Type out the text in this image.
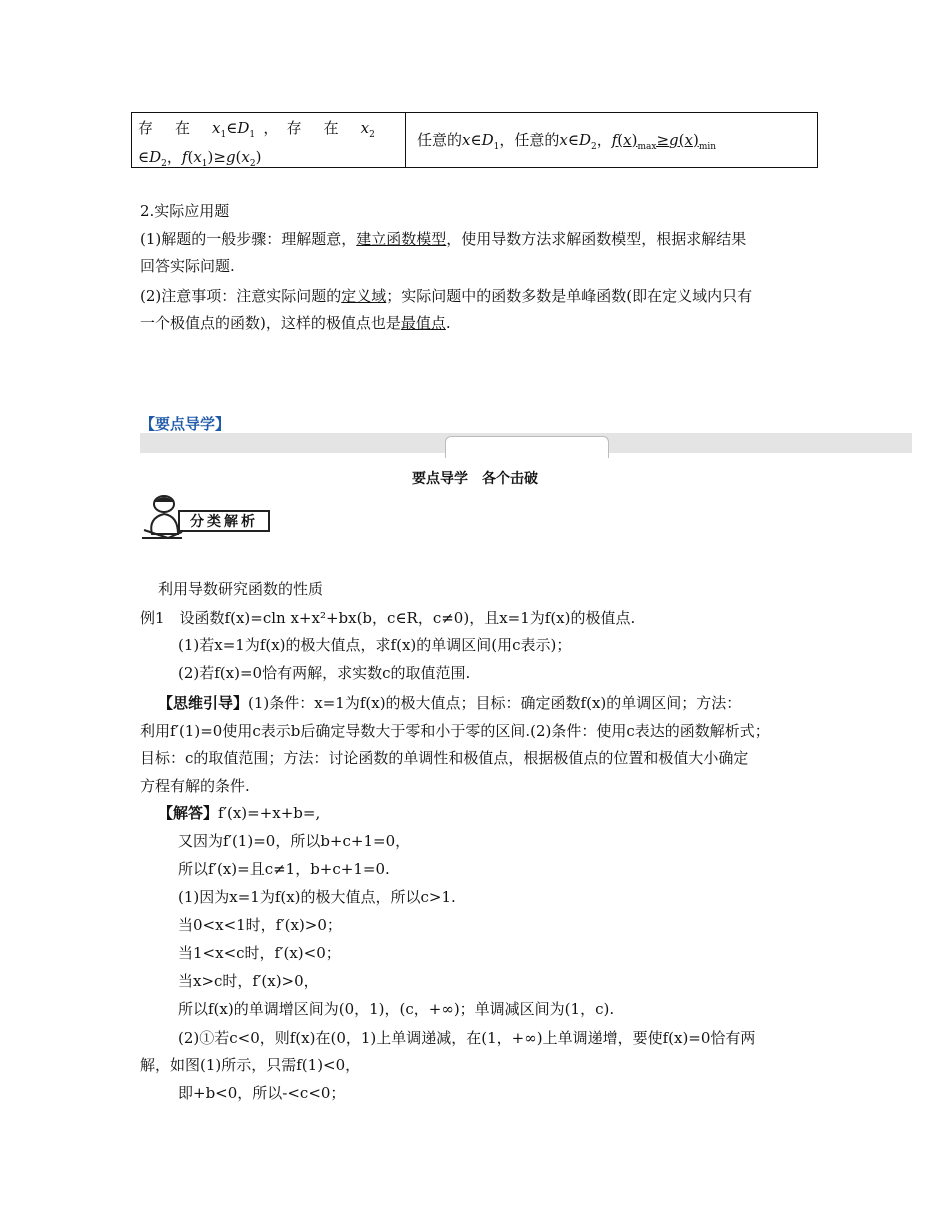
存在$x_1\in D_1$ ， 存在$x_2$
$\in D_2$，$f(x_1)\ge g(x_2)$
任意的$x\in D_1$，任意的$x\in D_2$，$f(x)_{max}\ge g(x)_{min}$
2.实际应用题
(1)解题的一般步骤：理解题意，建立函数模型，使用导数方法求解函数模型，根据求解结果
回答实际问题.
(2)注意事项：注意实际问题的定义域；实际问题中的函数多数是单峰函数(即在定义域内只有
一个极值点的函数)，这样的极值点也是最值点.
【要点导学】
要点导学　各个击破
分类解析
利用导数研究函数的性质
例1　设函数f(x)=cln x+x²+bx(b，c∈R，c≠0)，且x=1为f(x)的极值点.
(1)若x=1为f(x)的极大值点，求f(x)的单调区间(用c表示)；
(2)若f(x)=0恰有两解，求实数c的取值范围.
【思维引导】(1)条件：x=1为f(x)的极大值点；目标：确定函数f(x)的单调区间；方法：
利用f′(1)=0使用c表示b后确定导数大于零和小于零的区间.(2)条件：使用c表达的函数解析式；
目标：c的取值范围；方法：讨论函数的单调性和极值点，根据极值点的位置和极值大小确定
方程有解的条件.
【解答】f′(x)=+x+b=,
又因为f′(1)=0，所以b+c+1=0，
所以f′(x)=且c≠1，b+c+1=0.
(1)因为x=1为f(x)的极大值点，所以c>1.
当0<x<1时，f′(x)>0；
当1<x<c时，f′(x)<0；
当x>c时，f′(x)>0，
所以f(x)的单调增区间为(0，1)，(c，+∞)；单调减区间为(1，c).
(2)①若c<0，则f(x)在(0，1)上单调递减，在(1，+∞)上单调递增，要使f(x)=0恰有两
解，如图(1)所示，只需f(1)<0，
即+b<0，所以-<c<0；
